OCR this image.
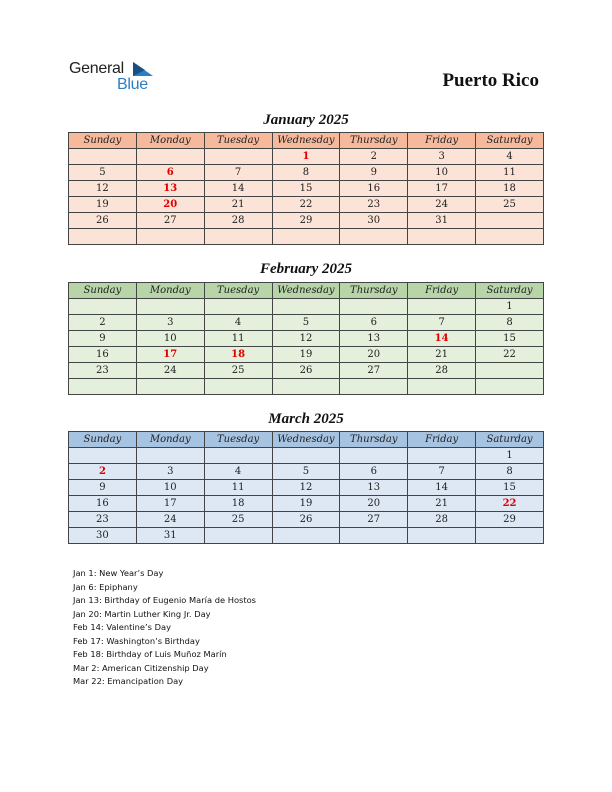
General
Blue	Puerto Rico
January 2025
Sunday	Monday	Tuesday	Wednesday	Thursday	Friday	Saturday
			1	2	3	4
5	6	7	8	9	10	11
12	13	14	15	16	17	18
19	20	21	22	23	24	25
26	27	28	29	30	31	

February 2025
Sunday	Monday	Tuesday	Wednesday	Thursday	Friday	Saturday
						1
2	3	4	5	6	7	8
9	10	11	12	13	14	15
16	17	18	19	20	21	22
23	24	25	26	27	28	

March 2025
Sunday	Monday	Tuesday	Wednesday	Thursday	Friday	Saturday
						1
2	3	4	5	6	7	8
9	10	11	12	13	14	15
16	17	18	19	20	21	22
23	24	25	26	27	28	29
30	31					
Jan 1: New Year’s Day
Jan 6: Epiphany
Jan 13: Birthday of Eugenio María de Hostos
Jan 20: Martin Luther King Jr. Day
Feb 14: Valentine’s Day
Feb 17: Washington’s Birthday
Feb 18: Birthday of Luis Muñoz Marín
Mar 2: American Citizenship Day
Mar 22: Emancipation Day
